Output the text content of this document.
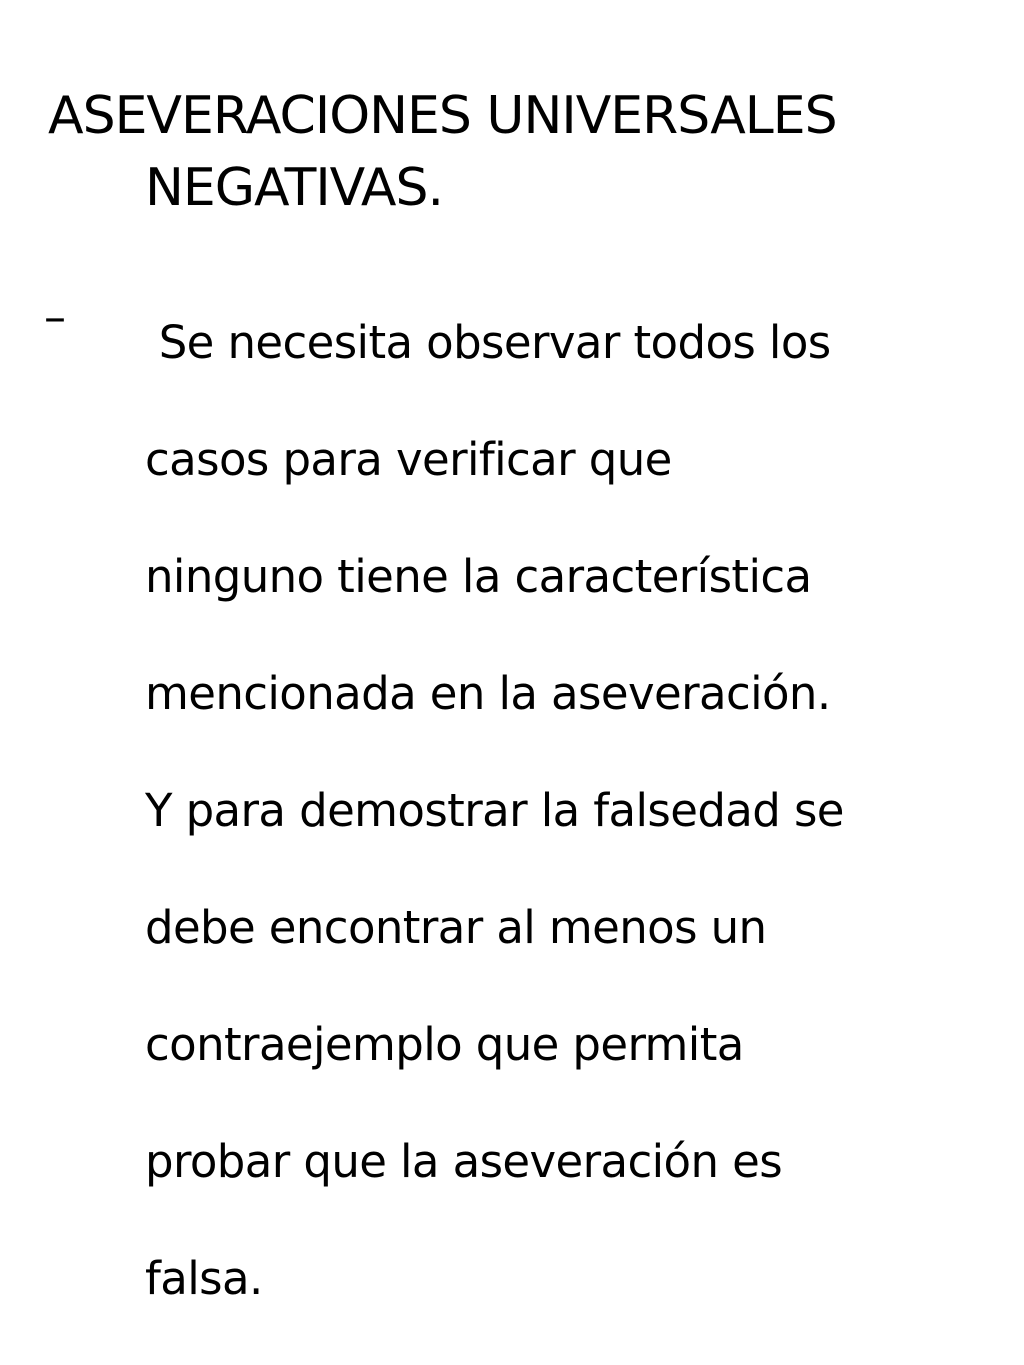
ASEVERACIONES UNIVERSALES
NEGATIVAS.
–	Se necesita observar todos los
casos para verificar que
ninguno tiene la característica
mencionada en la aseveración.
Y para demostrar la falsedad se
debe encontrar al menos un
contraejemplo que permita
probar que la aseveración es
falsa.
